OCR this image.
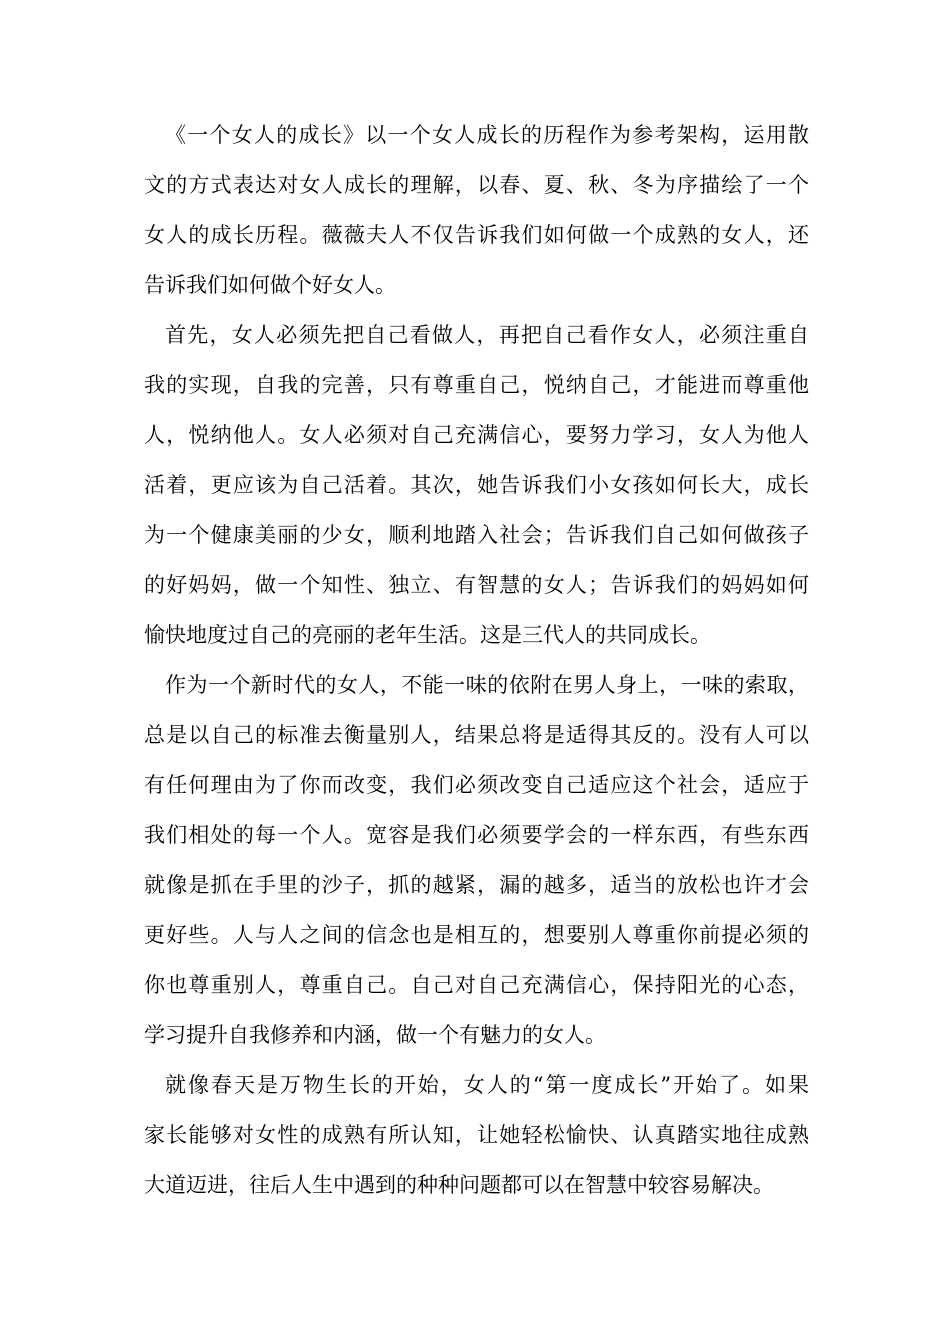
《一个女人的成长》以一个女人成长的历程作为参考架构，运用散
文的方式表达对女人成长的理解，以春、夏、秋、冬为序描绘了一个
女人的成长历程。薇薇夫人不仅告诉我们如何做一个成熟的女人，还
告诉我们如何做个好女人。
首先，女人必须先把自己看做人，再把自己看作女人，必须注重自
我的实现，自我的完善，只有尊重自己，悦纳自己，才能进而尊重他
人，悦纳他人。女人必须对自己充满信心，要努力学习，女人为他人
活着，更应该为自己活着。其次，她告诉我们小女孩如何长大，成长
为一个健康美丽的少女，顺利地踏入社会；告诉我们自己如何做孩子
的好妈妈，做一个知性、独立、有智慧的女人；告诉我们的妈妈如何
愉快地度过自己的亮丽的老年生活。这是三代人的共同成长。
作为一个新时代的女人，不能一味的依附在男人身上，一味的索取，
总是以自己的标准去衡量别人，结果总将是适得其反的。没有人可以
有任何理由为了你而改变，我们必须改变自己适应这个社会，适应于
我们相处的每一个人。宽容是我们必须要学会的一样东西，有些东西
就像是抓在手里的沙子，抓的越紧，漏的越多，适当的放松也许才会
更好些。人与人之间的信念也是相互的，想要别人尊重你前提必须的
你也尊重别人，尊重自己。自己对自己充满信心，保持阳光的心态，
学习提升自我修养和内涵，做一个有魅力的女人。
就像春天是万物生长的开始，女人的“第一度成长”开始了。如果
家长能够对女性的成熟有所认知，让她轻松愉快、认真踏实地往成熟
大道迈进，往后人生中遇到的种种问题都可以在智慧中较容易解决。
